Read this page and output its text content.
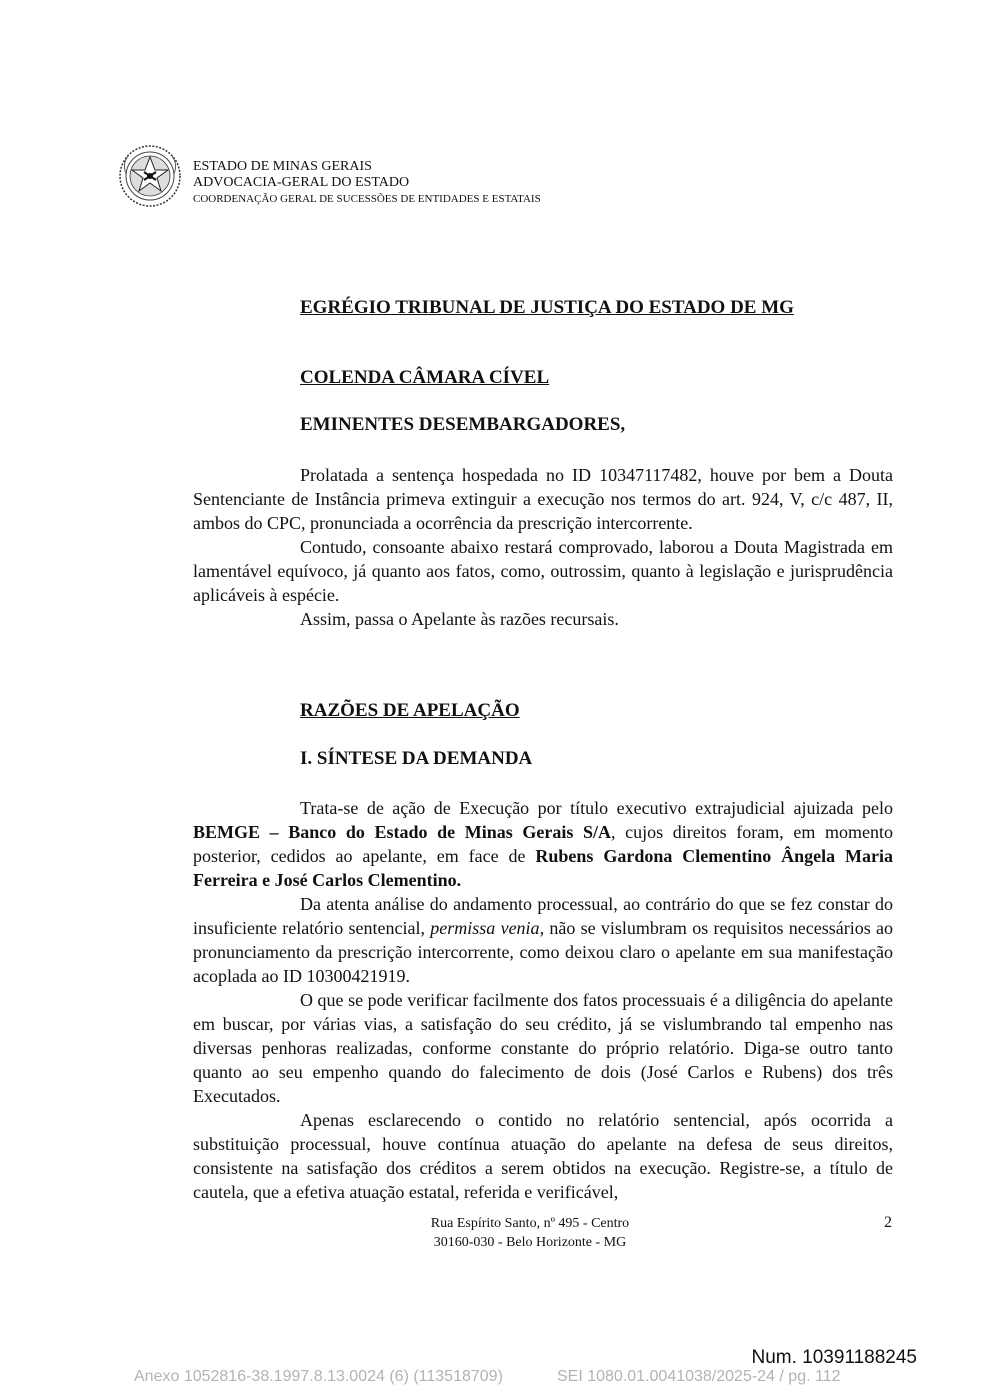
ESTADO DE MINAS GERAIS
ADVOCACIA-GERAL DO ESTADO
COORDENAÇÃO GERAL DE SUCESSÕES DE ENTIDADES E ESTATAIS
EGRÉGIO TRIBUNAL DE JUSTIÇA DO ESTADO DE MG
COLENDA CÂMARA CÍVEL
EMINENTES DESEMBARGADORES,

Prolatada a sentença hospedada no ID 10347117482, houve por bem a Douta Sentenciante de Instância primeva extinguir a execução nos termos do art. 924, V, c/c 487, II, ambos do CPC, pronunciada a ocorrência da prescrição intercorrente.

Contudo, consoante abaixo restará comprovado, laborou a Douta Magistrada em lamentável equívoco, já quanto aos fatos, como, outrossim, quanto à legislação e jurisprudência aplicáveis à espécie.

Assim, passa o Apelante às razões recursais.

RAZÕES DE APELAÇÃO
I. SÍNTESE DA DEMANDA

Trata-se de ação de Execução por título executivo extrajudicial ajuizada pelo BEMGE – Banco do Estado de Minas Gerais S/A, cujos direitos foram, em momento posterior, cedidos ao apelante, em face de Rubens Gardona Clementino Ângela Maria Ferreira e José Carlos Clementino.

Da atenta análise do andamento processual, ao contrário do que se fez constar do insuficiente relatório sentencial, permissa venia, não se vislumbram os requisitos necessários ao pronunciamento da prescrição intercorrente, como deixou claro o apelante em sua manifestação acoplada ao ID 10300421919.

O que se pode verificar facilmente dos fatos processuais é a diligência do apelante em buscar, por várias vias, a satisfação do seu crédito, já se vislumbrando tal empenho nas diversas penhoras realizadas, conforme constante do próprio relatório. Diga-se outro tanto quanto ao seu empenho quando do falecimento de dois (José Carlos e Rubens) dos três Executados.

Apenas esclarecendo o contido no relatório sentencial, após ocorrida a substituição processual, houve contínua atuação do apelante na defesa de seus direitos, consistente na satisfação dos créditos a serem obtidos na execução. Registre-se, a título de cautela, que a efetiva atuação estatal, referida e verificável,

Rua Espírito Santo, nº 495 - Centro
30160-030 - Belo Horizonte - MG
2
Num. 10391188245
Anexo 1052816-38.1997.8.13.0024 (6) (113518709)	SEI 1080.01.0041038/2025-24 / pg. 112
